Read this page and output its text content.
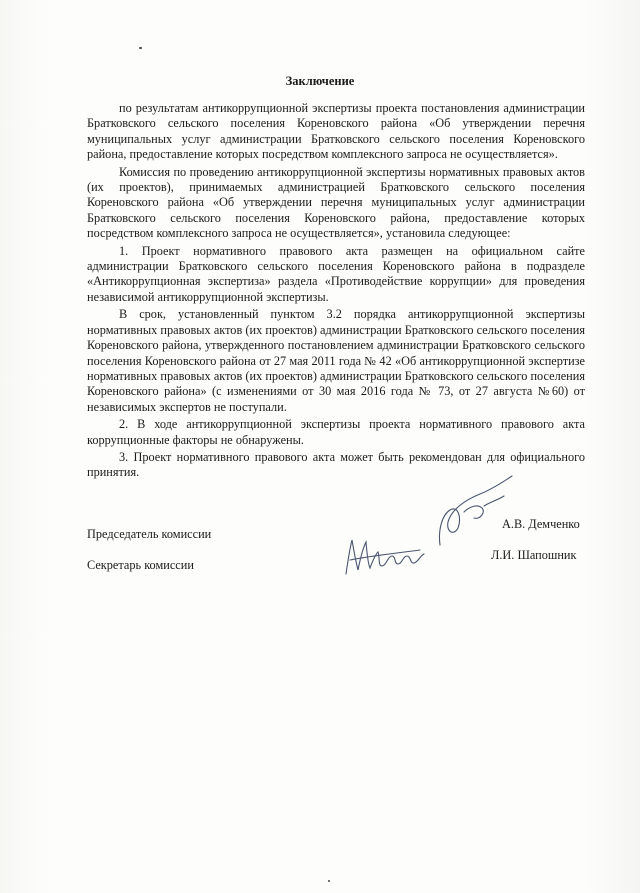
Заключение

по результатам антикоррупционной экспертизы проекта постановления администрации Братковского сельского поселения Кореновского района «Об утверждении перечня муниципальных услуг администрации Братковского сельского поселения Кореновского района, предоставление которых посредством комплексного запроса не осуществляется».

Комиссия по проведению антикоррупционной экспертизы нормативных правовых актов (их проектов), принимаемых администрацией Братковского сельского поселения Кореновского района «Об утверждении перечня муниципальных услуг администрации Братковского сельского поселения Кореновского района, предоставление которых посредством комплексного запроса не осуществляется», установила следующее:

1. Проект нормативного правового акта размещен на официальном сайте администрации Братковского сельского поселения Кореновского района в подразделе «Антикоррупционная экспертиза» раздела «Противодействие коррупции» для проведения независимой антикоррупционной экспертизы.

В срок, установленный пунктом 3.2 порядка антикоррупционной экспертизы нормативных правовых актов (их проектов) администрации Братковского сельского поселения Кореновского района, утвержденного постановлением администрации Братковского сельского поселения Кореновского района от 27 мая 2011 года № 42 «Об антикоррупционной экспертизе нормативных правовых актов (их проектов) администрации Братковского сельского поселения Кореновского района» (с изменениями от 30 мая 2016 года № 73, от 27 августа №60) от независимых экспертов не поступали.

2. В ходе антикоррупционной экспертизы проекта нормативного правового акта коррупционные факторы не обнаружены.

3. Проект нормативного правового акта может быть рекомендован для официального принятия.

Председатель комиссии
А.В. Демченко
Секретарь комиссии
Л.И. Шапошник
